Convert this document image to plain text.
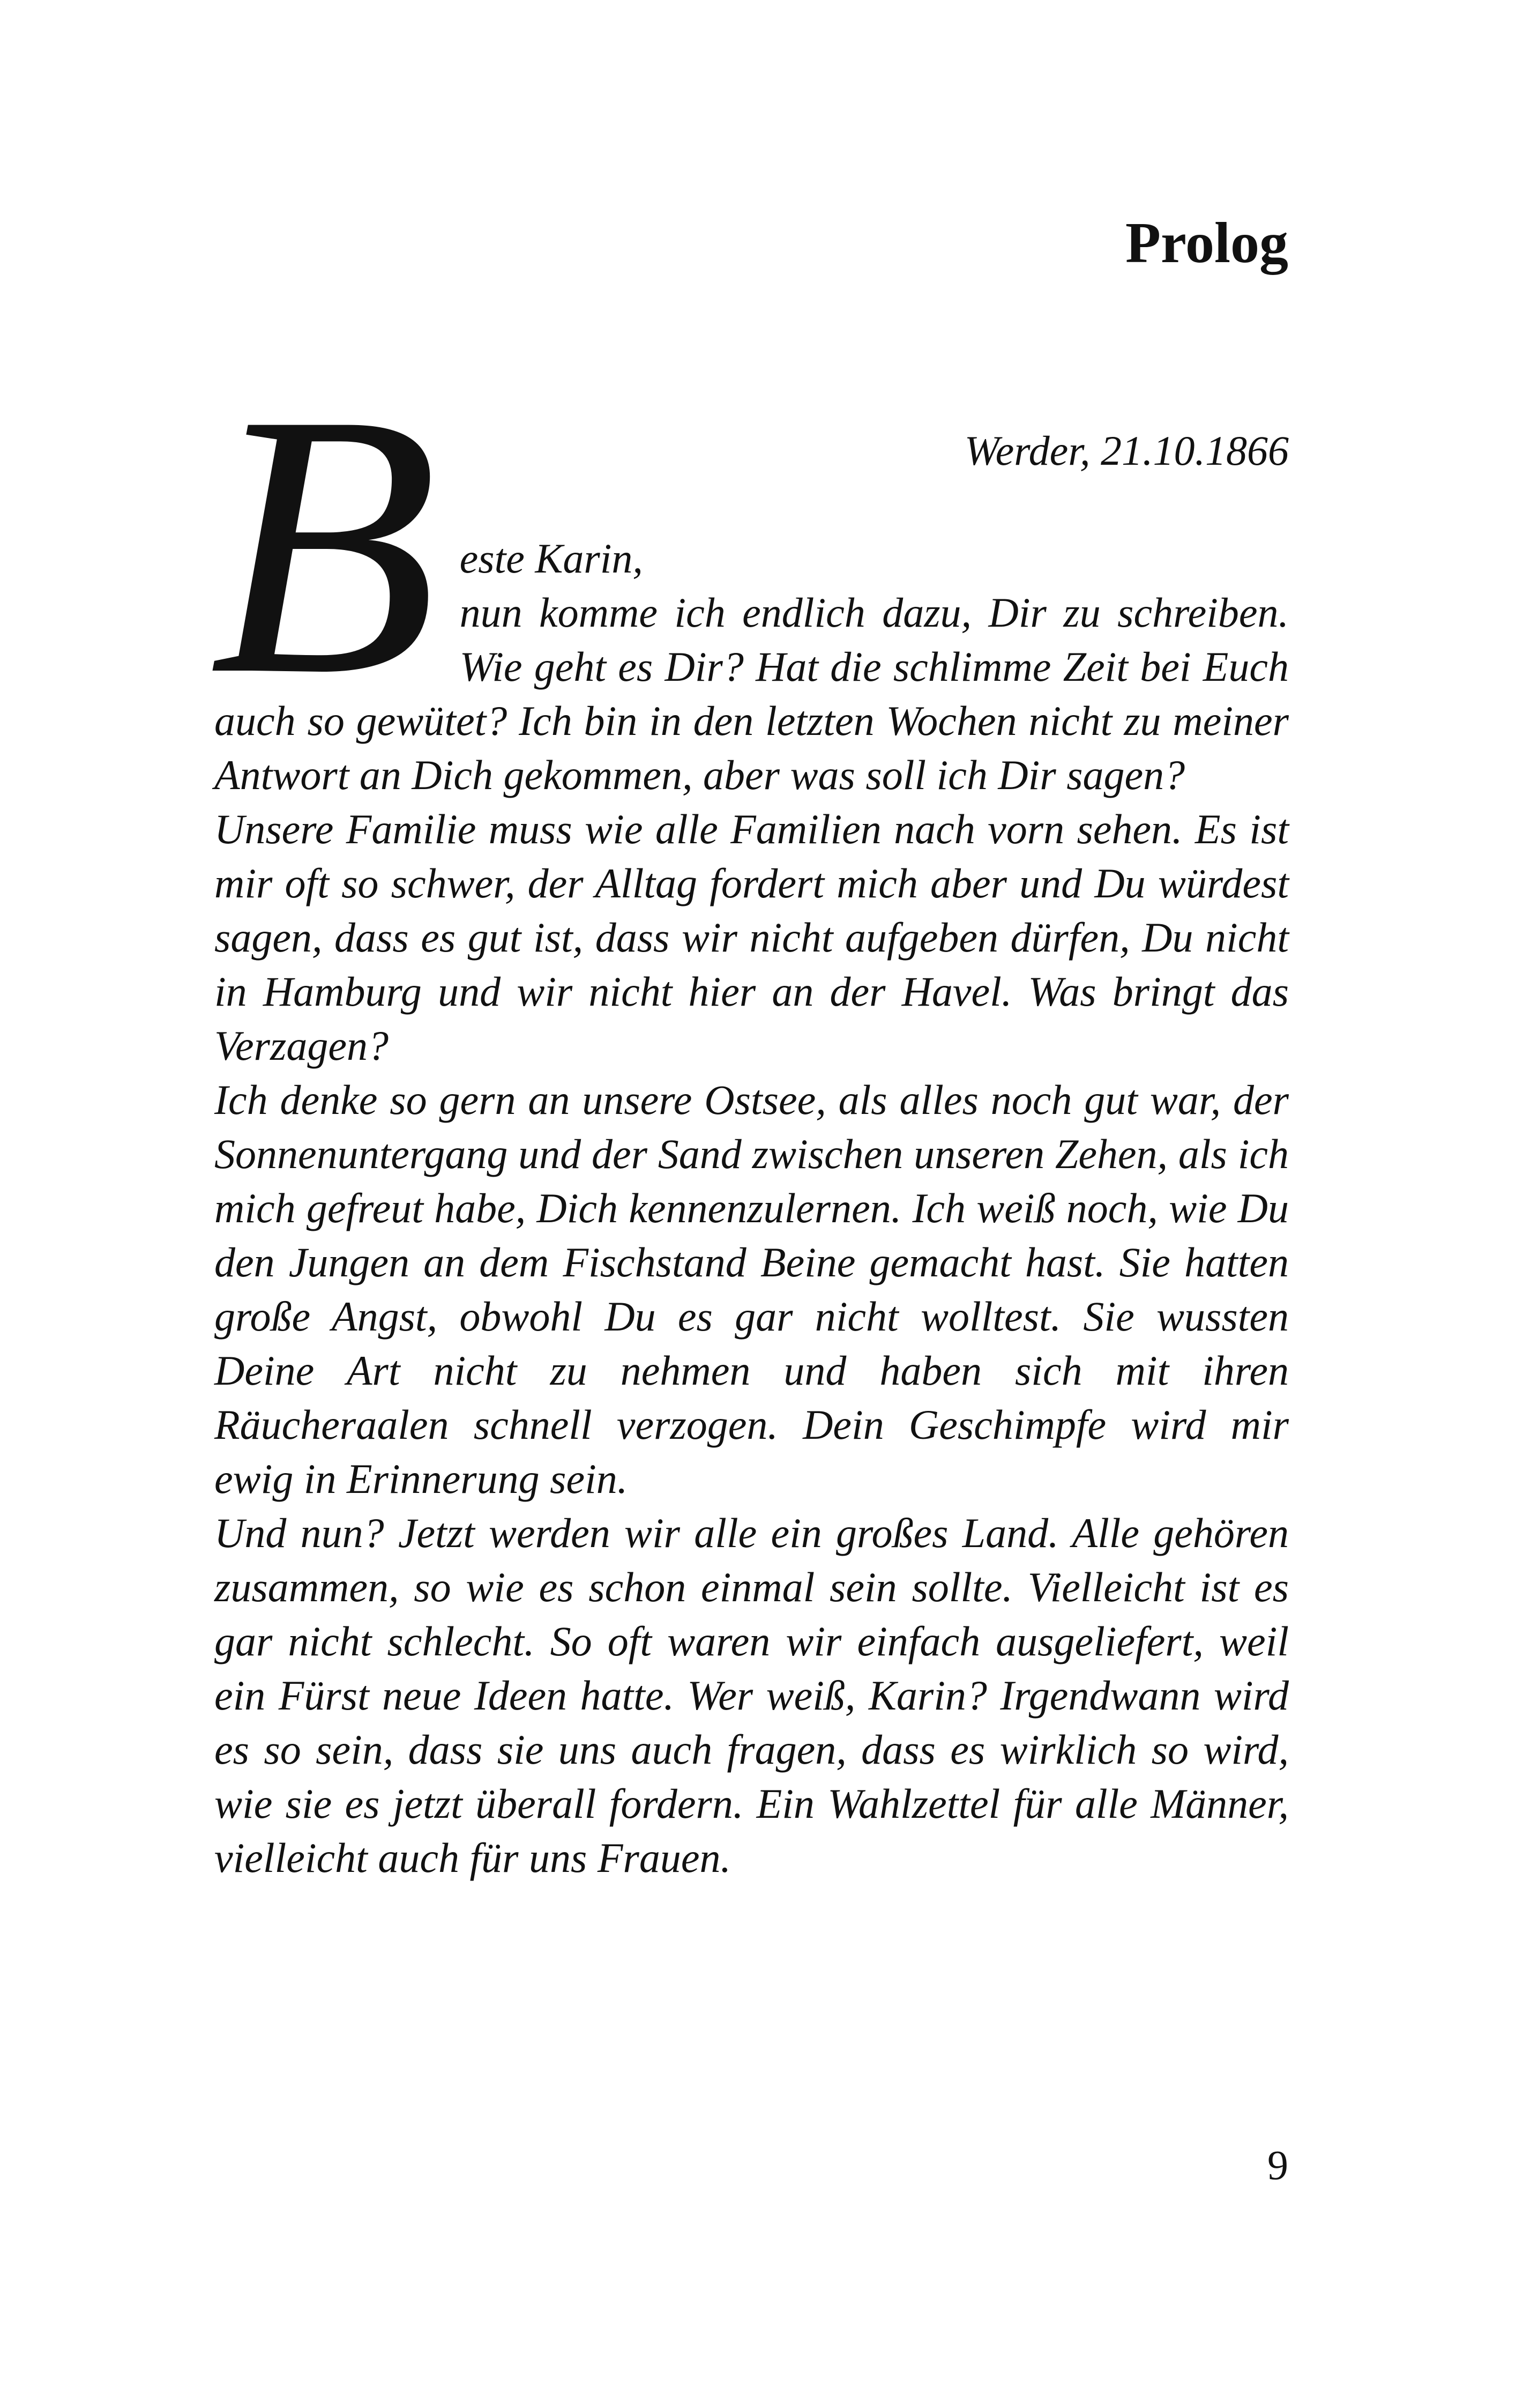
Prolog

Werder, 21.10.1866

B este Karin,

nun komme ich endlich dazu, Dir zu schreiben. Wie geht es Dir? Hat die schlimme Zeit bei Euch auch so gewütet? Ich bin in den letzten Wochen nicht zu meiner Antwort an Dich gekommen, aber was soll ich Dir sagen?

Unsere Familie muss wie alle Familien nach vorn sehen. Es ist mir oft so schwer, der Alltag fordert mich aber und Du würdest sagen, dass es gut ist, dass wir nicht aufgeben dürfen, Du nicht in Hamburg und wir nicht hier an der Havel. Was bringt das Verzagen?

Ich denke so gern an unsere Ostsee, als alles noch gut war, der Sonnenuntergang und der Sand zwischen unseren Zehen, als ich mich gefreut habe, Dich kennenzulernen. Ich weiß noch, wie Du den Jungen an dem Fischstand Beine gemacht hast. Sie hatten große Angst, obwohl Du es gar nicht wolltest. Sie wussten Deine Art nicht zu nehmen und haben sich mit ihren Räucheraalen schnell verzogen. Dein Geschimpfe wird mir ewig in Erinnerung sein.

Und nun? Jetzt werden wir alle ein großes Land. Alle gehören zusammen, so wie es schon einmal sein sollte. Vielleicht ist es gar nicht schlecht. So oft waren wir einfach ausgeliefert, weil ein Fürst neue Ideen hatte. Wer weiß, Karin? Irgendwann wird es so sein, dass sie uns auch fragen, dass es wirklich so wird, wie sie es jetzt überall fordern. Ein Wahlzettel für alle Männer, vielleicht auch für uns Frauen.

9
